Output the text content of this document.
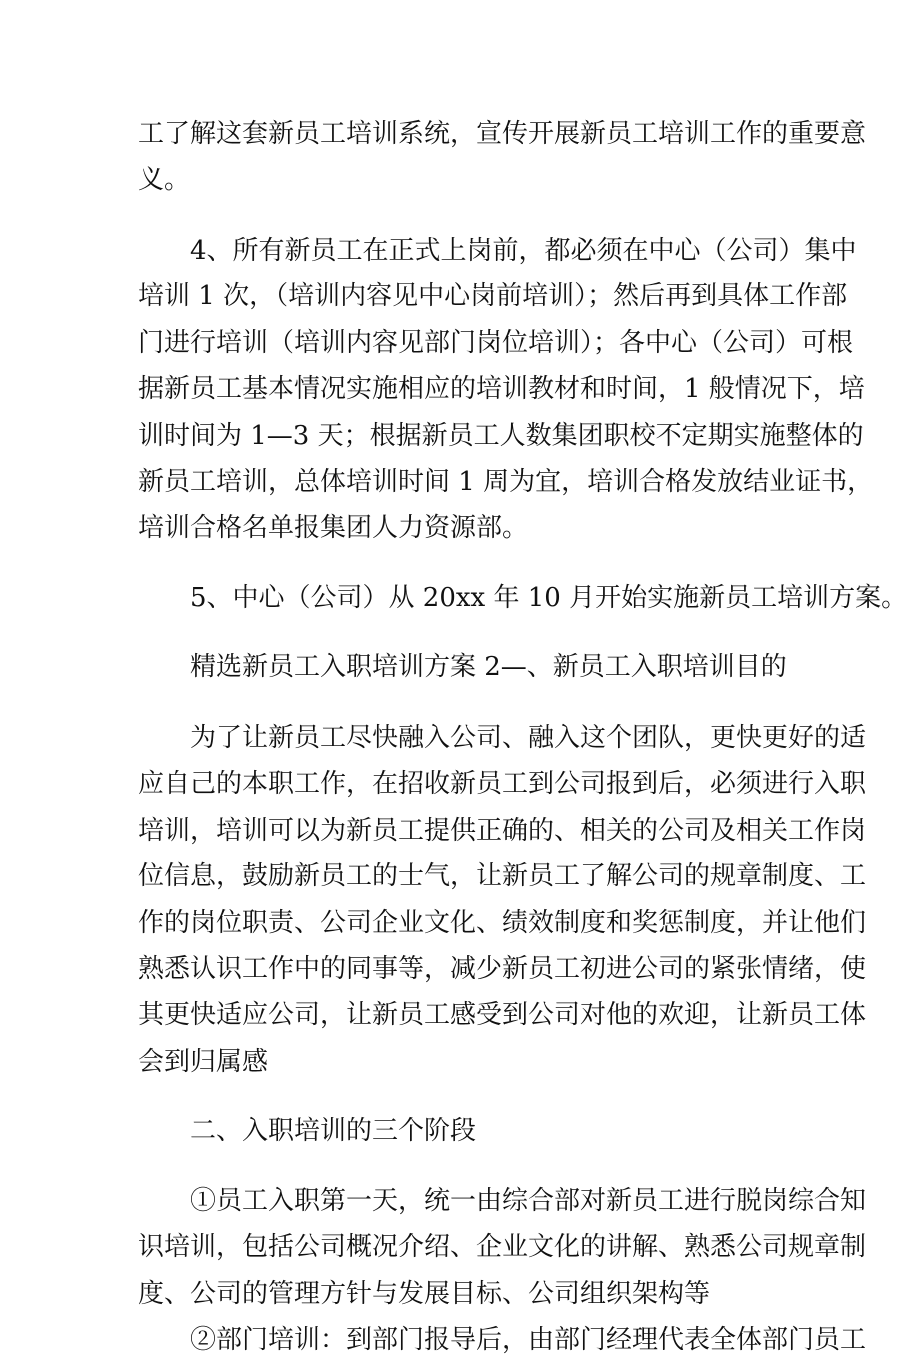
工了解这套新员工培训系统，宣传开展新员工培训工作的重要意
义。
4、所有新员工在正式上岗前，都必须在中心（公司）集中
培训 1 次，（培训内容见中心岗前培训）；然后再到具体工作部
门进行培训（培训内容见部门岗位培训）；各中心（公司）可根
据新员工基本情况实施相应的培训教材和时间，1 般情况下，培
训时间为 1—3 天；根据新员工人数集团职校不定期实施整体的
新员工培训，总体培训时间 1 周为宜，培训合格发放结业证书，
培训合格名单报集团人力资源部。
5、中心（公司）从 20xx 年 10 月开始实施新员工培训方案。
精选新员工入职培训方案 2—、新员工入职培训目的
为了让新员工尽快融入公司、融入这个团队，更快更好的适
应自己的本职工作，在招收新员工到公司报到后，必须进行入职
培训，培训可以为新员工提供正确的、相关的公司及相关工作岗
位信息，鼓励新员工的士气，让新员工了解公司的规章制度、工
作的岗位职责、公司企业文化、绩效制度和奖惩制度，并让他们
熟悉认识工作中的同事等，减少新员工初进公司的紧张情绪，使
其更快适应公司，让新员工感受到公司对他的欢迎，让新员工体
会到归属感
二、入职培训的三个阶段
①员工入职第一天，统一由综合部对新员工进行脱岗综合知
识培训，包括公司概况介绍、企业文化的讲解、熟悉公司规章制
度、公司的管理方针与发展目标、公司组织架构等
②部门培训：到部门报导后，由部门经理代表全体部门员工
